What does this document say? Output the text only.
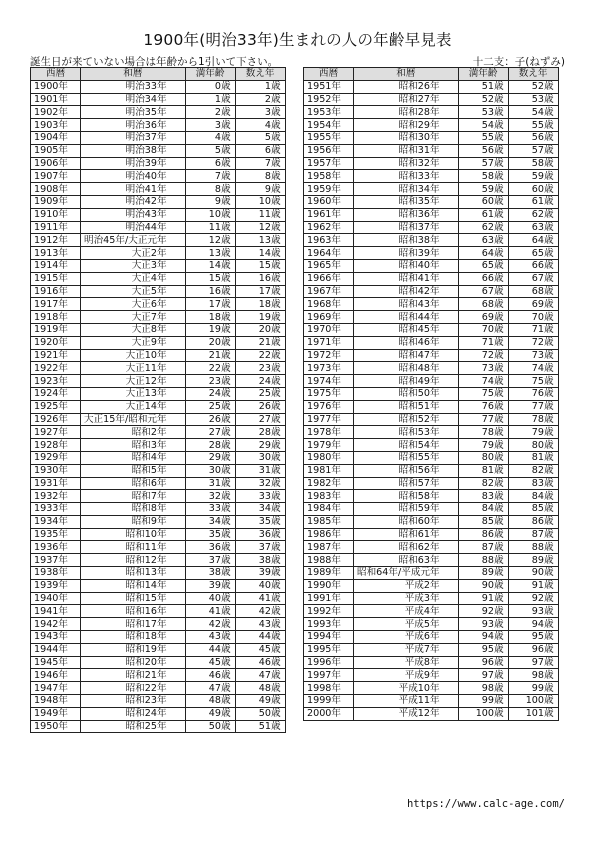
1900年(明治33年)生まれの人の年齢早見表
誕生日が来ていない場合は年齢から1引いて下さい。	十二支：子(ねずみ)
西暦	和暦	満年齢	数え年
1900年	明治33年	0歳	1歳
1901年	明治34年	1歳	2歳
1902年	明治35年	2歳	3歳
1903年	明治36年	3歳	4歳
1904年	明治37年	4歳	5歳
1905年	明治38年	5歳	6歳
1906年	明治39年	6歳	7歳
1907年	明治40年	7歳	8歳
1908年	明治41年	8歳	9歳
1909年	明治42年	9歳	10歳
1910年	明治43年	10歳	11歳
1911年	明治44年	11歳	12歳
1912年	明治45年/大正元年	12歳	13歳
1913年	大正2年	13歳	14歳
1914年	大正3年	14歳	15歳
1915年	大正4年	15歳	16歳
1916年	大正5年	16歳	17歳
1917年	大正6年	17歳	18歳
1918年	大正7年	18歳	19歳
1919年	大正8年	19歳	20歳
1920年	大正9年	20歳	21歳
1921年	大正10年	21歳	22歳
1922年	大正11年	22歳	23歳
1923年	大正12年	23歳	24歳
1924年	大正13年	24歳	25歳
1925年	大正14年	25歳	26歳
1926年	大正15年/昭和元年	26歳	27歳
1927年	昭和2年	27歳	28歳
1928年	昭和3年	28歳	29歳
1929年	昭和4年	29歳	30歳
1930年	昭和5年	30歳	31歳
1931年	昭和6年	31歳	32歳
1932年	昭和7年	32歳	33歳
1933年	昭和8年	33歳	34歳
1934年	昭和9年	34歳	35歳
1935年	昭和10年	35歳	36歳
1936年	昭和11年	36歳	37歳
1937年	昭和12年	37歳	38歳
1938年	昭和13年	38歳	39歳
1939年	昭和14年	39歳	40歳
1940年	昭和15年	40歳	41歳
1941年	昭和16年	41歳	42歳
1942年	昭和17年	42歳	43歳
1943年	昭和18年	43歳	44歳
1944年	昭和19年	44歳	45歳
1945年	昭和20年	45歳	46歳
1946年	昭和21年	46歳	47歳
1947年	昭和22年	47歳	48歳
1948年	昭和23年	48歳	49歳
1949年	昭和24年	49歳	50歳
1950年	昭和25年	50歳	51歳
西暦	和暦	満年齢	数え年
1951年	昭和26年	51歳	52歳
1952年	昭和27年	52歳	53歳
1953年	昭和28年	53歳	54歳
1954年	昭和29年	54歳	55歳
1955年	昭和30年	55歳	56歳
1956年	昭和31年	56歳	57歳
1957年	昭和32年	57歳	58歳
1958年	昭和33年	58歳	59歳
1959年	昭和34年	59歳	60歳
1960年	昭和35年	60歳	61歳
1961年	昭和36年	61歳	62歳
1962年	昭和37年	62歳	63歳
1963年	昭和38年	63歳	64歳
1964年	昭和39年	64歳	65歳
1965年	昭和40年	65歳	66歳
1966年	昭和41年	66歳	67歳
1967年	昭和42年	67歳	68歳
1968年	昭和43年	68歳	69歳
1969年	昭和44年	69歳	70歳
1970年	昭和45年	70歳	71歳
1971年	昭和46年	71歳	72歳
1972年	昭和47年	72歳	73歳
1973年	昭和48年	73歳	74歳
1974年	昭和49年	74歳	75歳
1975年	昭和50年	75歳	76歳
1976年	昭和51年	76歳	77歳
1977年	昭和52年	77歳	78歳
1978年	昭和53年	78歳	79歳
1979年	昭和54年	79歳	80歳
1980年	昭和55年	80歳	81歳
1981年	昭和56年	81歳	82歳
1982年	昭和57年	82歳	83歳
1983年	昭和58年	83歳	84歳
1984年	昭和59年	84歳	85歳
1985年	昭和60年	85歳	86歳
1986年	昭和61年	86歳	87歳
1987年	昭和62年	87歳	88歳
1988年	昭和63年	88歳	89歳
1989年	昭和64年/平成元年	89歳	90歳
1990年	平成2年	90歳	91歳
1991年	平成3年	91歳	92歳
1992年	平成4年	92歳	93歳
1993年	平成5年	93歳	94歳
1994年	平成6年	94歳	95歳
1995年	平成7年	95歳	96歳
1996年	平成8年	96歳	97歳
1997年	平成9年	97歳	98歳
1998年	平成10年	98歳	99歳
1999年	平成11年	99歳	100歳
2000年	平成12年	100歳	101歳
https://www.calc-age.com/
